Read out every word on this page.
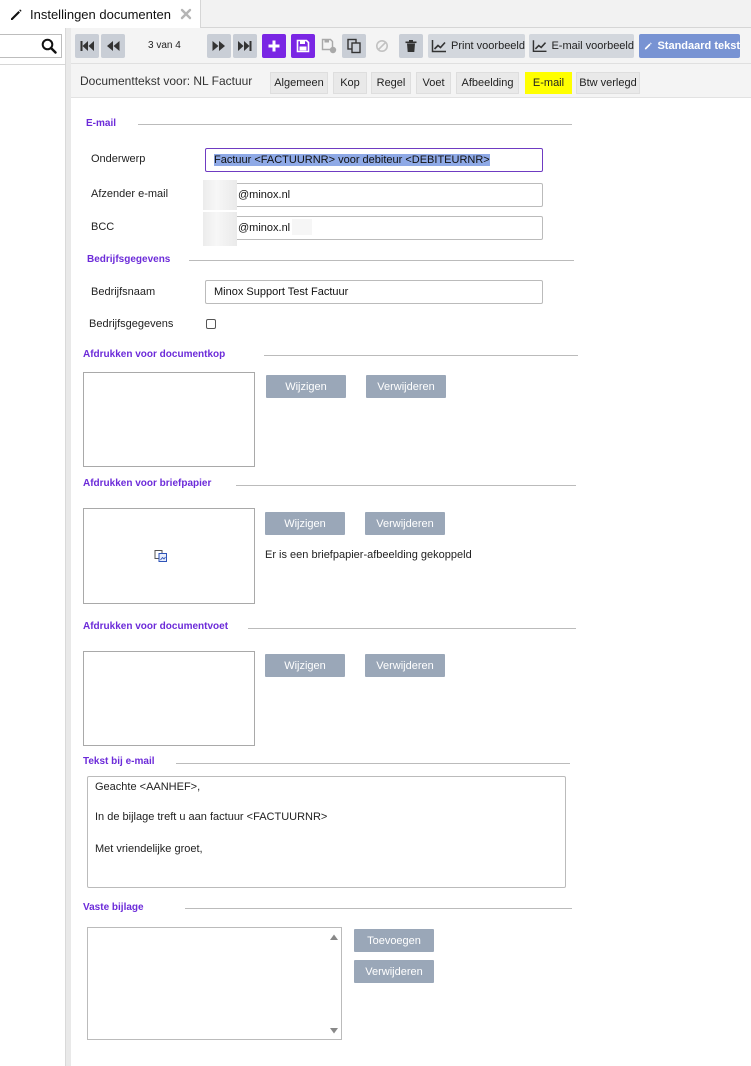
Instellingen documenten
3 van 4	Print voorbeeld E-mail voorbeeld Standaard tekst
Documenttekst voor: NL Factuur	Algemeen	Kop	Regel	Voet	Afbeelding	E-mail	Btw verlegd
E-mail
Onderwerp	Factuur <FACTUURNR> voor debiteur <DEBITEURNR>
Afzender e-mail	@minox.nl
BCC	@minox.nl
Bedrijfsgegevens
Bedrijfsnaam	Minox Support Test Factuur
Bedrijfsgegevens
Afdrukken voor documentkop
Wijzigen	Verwijderen
Afdrukken voor briefpapier
Wijzigen	Verwijderen
Er is een briefpapier-afbeelding gekoppeld
Afdrukken voor documentvoet
Wijzigen	Verwijderen
Tekst bij e-mail
Geachte <AANHEF>,
In de bijlage treft u aan factuur <FACTUURNR>
Met vriendelijke groet,
Vaste bijlage
Toevoegen
Verwijderen
